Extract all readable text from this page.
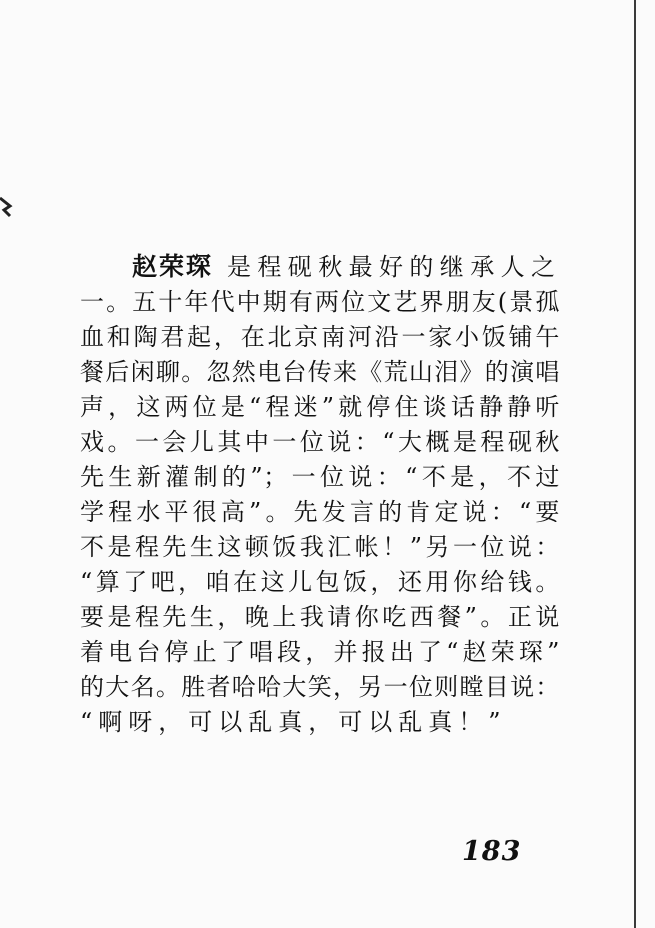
赵荣琛 是程砚秋最好的继承人之
一。五十年代中期有两位文艺界朋友(景孤
血和陶君起，在北京南河沿一家小饭铺午
餐后闲聊。忽然电台传来《荒山泪》的演唱
声，这两位是“程迷”就停住谈话静静听
戏。一会儿其中一位说：“大概是程砚秋
先生新灌制的”；一位说：“不是，不过
学程水平很高”。先发言的肯定说：“要
不是程先生这顿饭我汇帐！”另一位说：
“算了吧，咱在这儿包饭，还用你给钱。
要是程先生，晚上我请你吃西餐”。正说
着电台停止了唱段，并报出了“赵荣琛”
的大名。胜者哈哈大笑，另一位则瞠目说：
“啊呀，可以乱真，可以乱真！”
183
